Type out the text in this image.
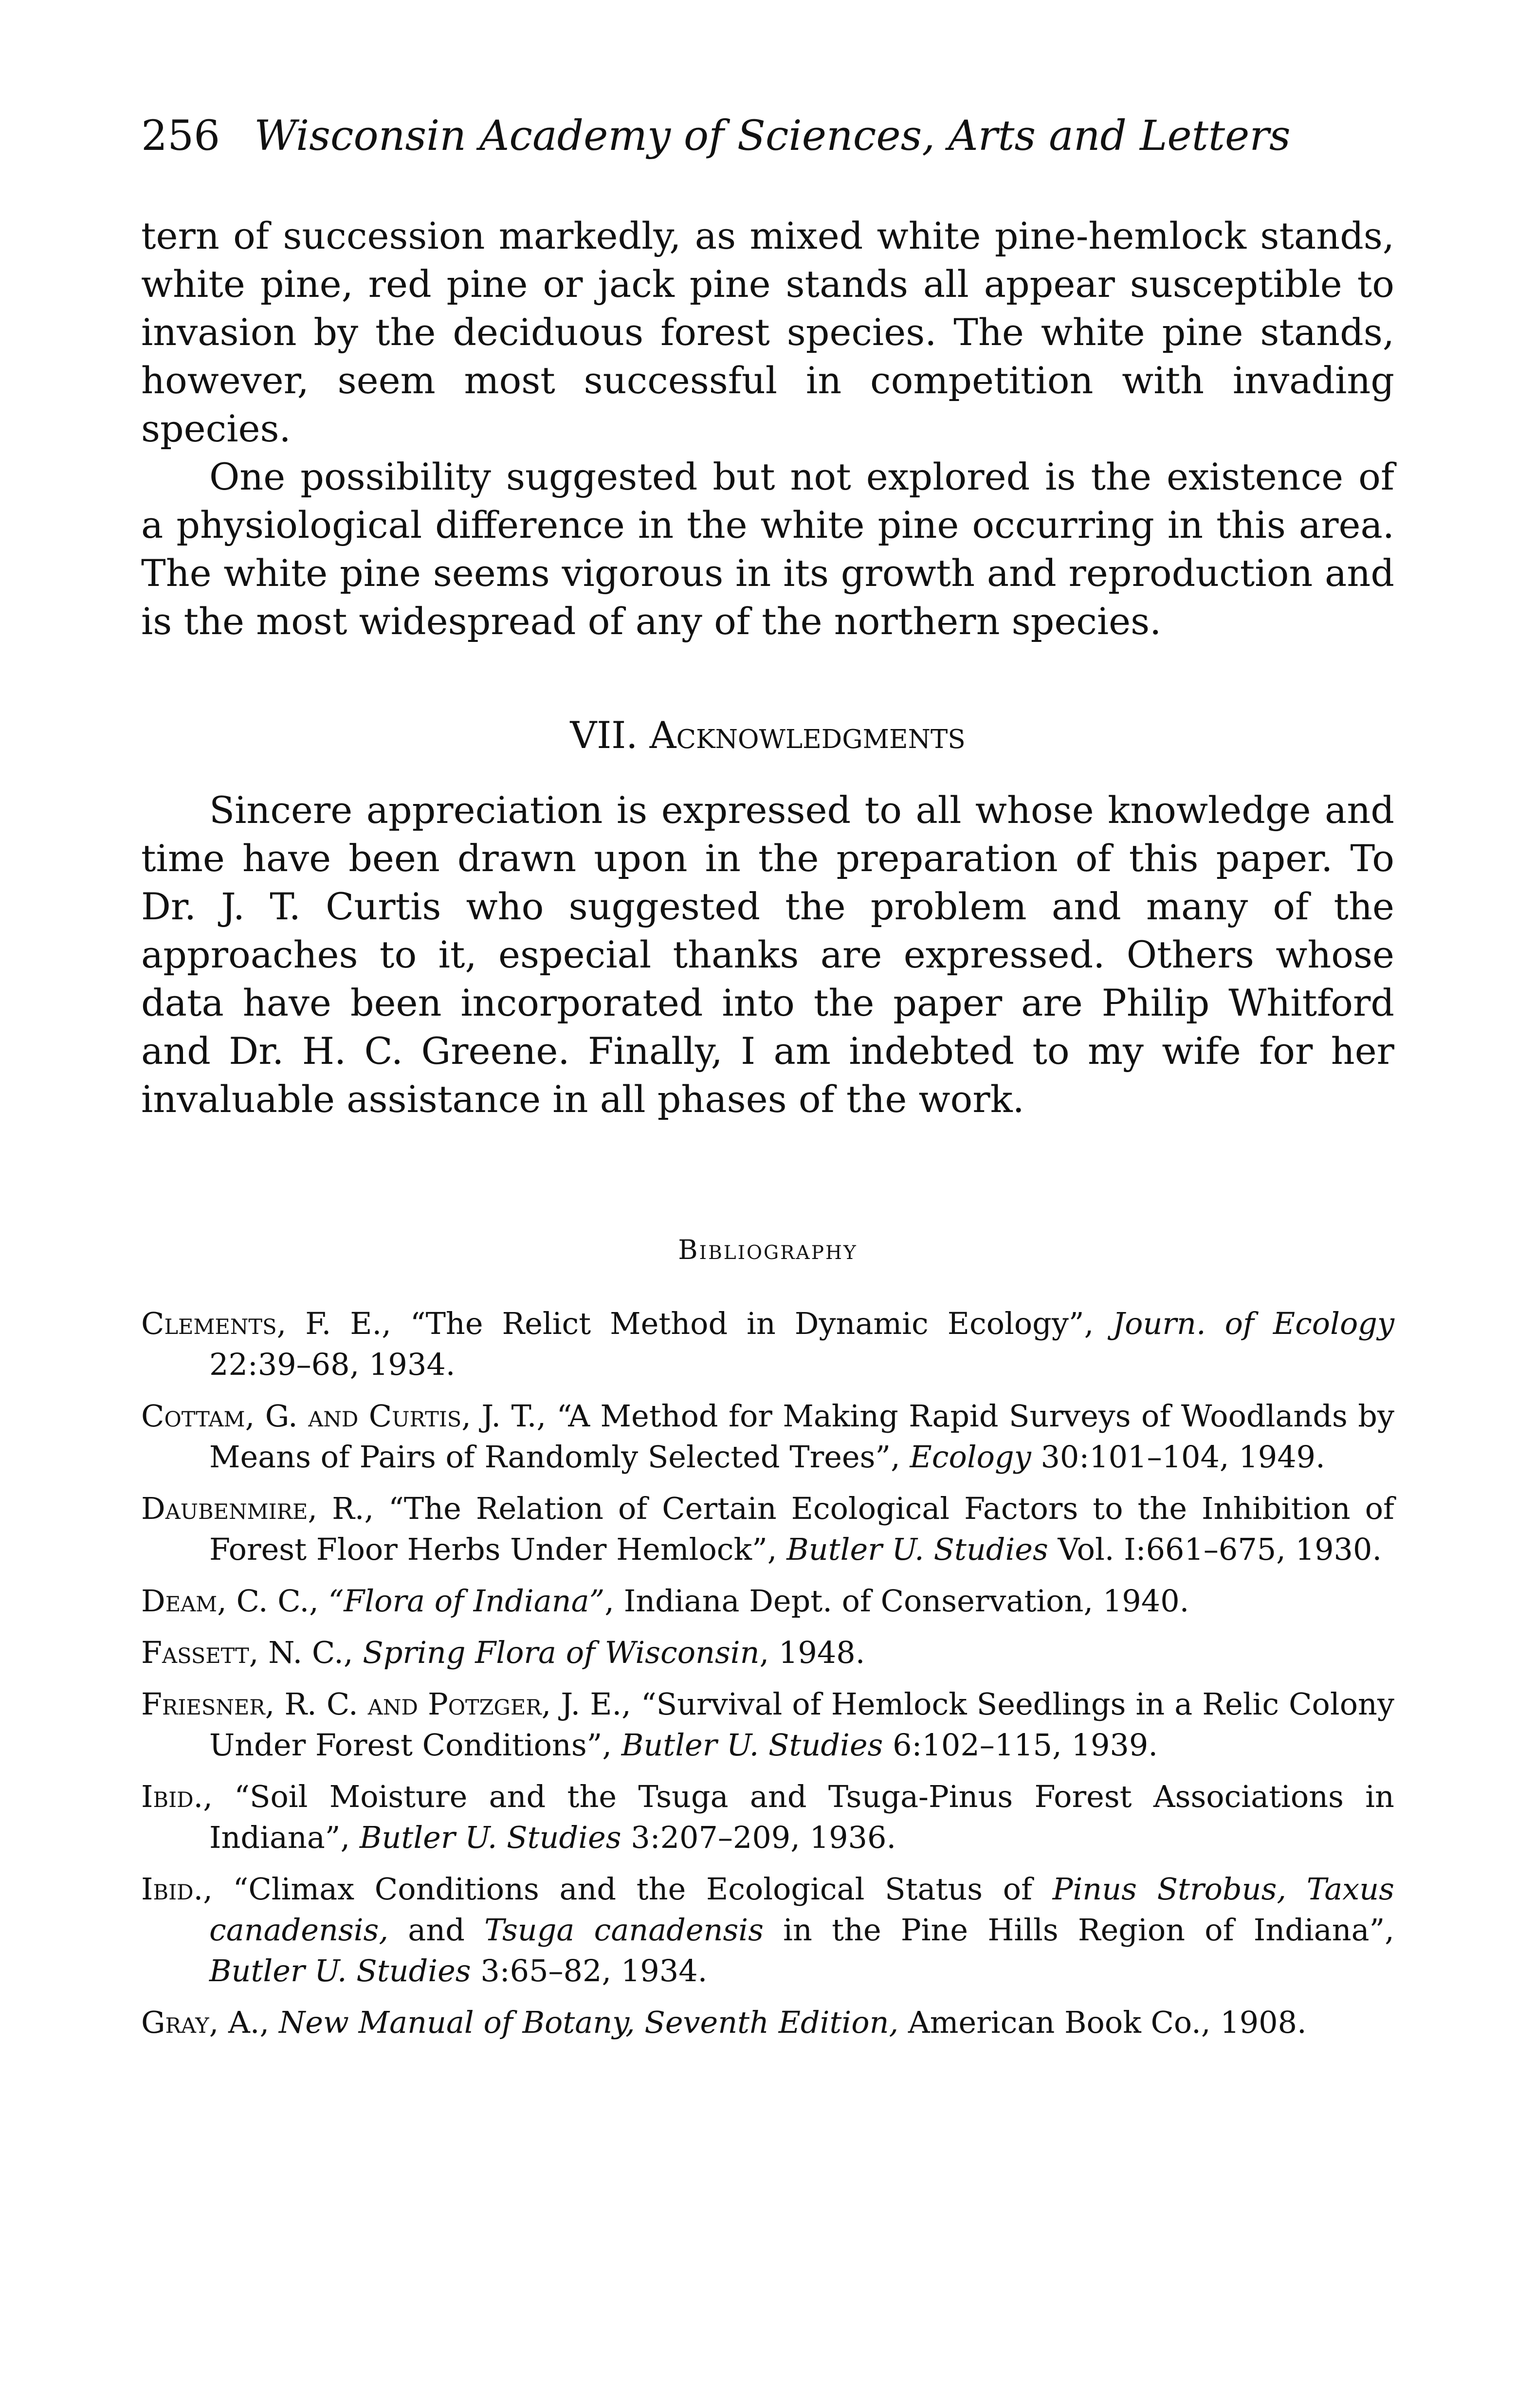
256 Wisconsin Academy of Sciences, Arts and Letters

tern of succession markedly, as mixed white pine-hemlock stands, white pine, red pine or jack pine stands all appear susceptible to invasion by the deciduous forest species. The white pine stands, however, seem most successful in competition with invading species.

One possibility suggested but not explored is the existence of a physiological difference in the white pine occurring in this area. The white pine seems vigorous in its growth and reproduction and is the most widespread of any of the northern species.

VII. Acknowledgments

Sincere appreciation is expressed to all whose knowledge and time have been drawn upon in the preparation of this paper. To Dr. J. T. Curtis who suggested the problem and many of the approaches to it, especial thanks are expressed. Others whose data have been incorporated into the paper are Philip Whitford and Dr. H. C. Greene. Finally, I am indebted to my wife for her invaluable assistance in all phases of the work.

Bibliography
Clements, F. E., “The Relict Method in Dynamic Ecology”, Journ. of Ecology 22:39–68, 1934.
Cottam, G. and Curtis, J. T., “A Method for Making Rapid Surveys of Woodlands by Means of Pairs of Randomly Selected Trees”, Ecology 30:101–104, 1949.
Daubenmire, R., “The Relation of Certain Ecological Factors to the Inhibition of Forest Floor Herbs Under Hemlock”, Butler U. Studies Vol. I:661–675, 1930.
Deam, C. C., “Flora of Indiana”, Indiana Dept. of Conservation, 1940.
Fassett, N. C., Spring Flora of Wisconsin, 1948.
Friesner, R. C. and Potzger, J. E., “Survival of Hemlock Seedlings in a Relic Colony Under Forest Conditions”, Butler U. Studies 6:102–115, 1939.
Ibid., “Soil Moisture and the Tsuga and Tsuga-Pinus Forest Associations in Indiana”, Butler U. Studies 3:207–209, 1936.
Ibid., “Climax Conditions and the Ecological Status of Pinus Strobus, Taxus canadensis, and Tsuga canadensis in the Pine Hills Region of Indiana”, Butler U. Studies 3:65–82, 1934.
Gray, A., New Manual of Botany, Seventh Edition, American Book Co., 1908.
